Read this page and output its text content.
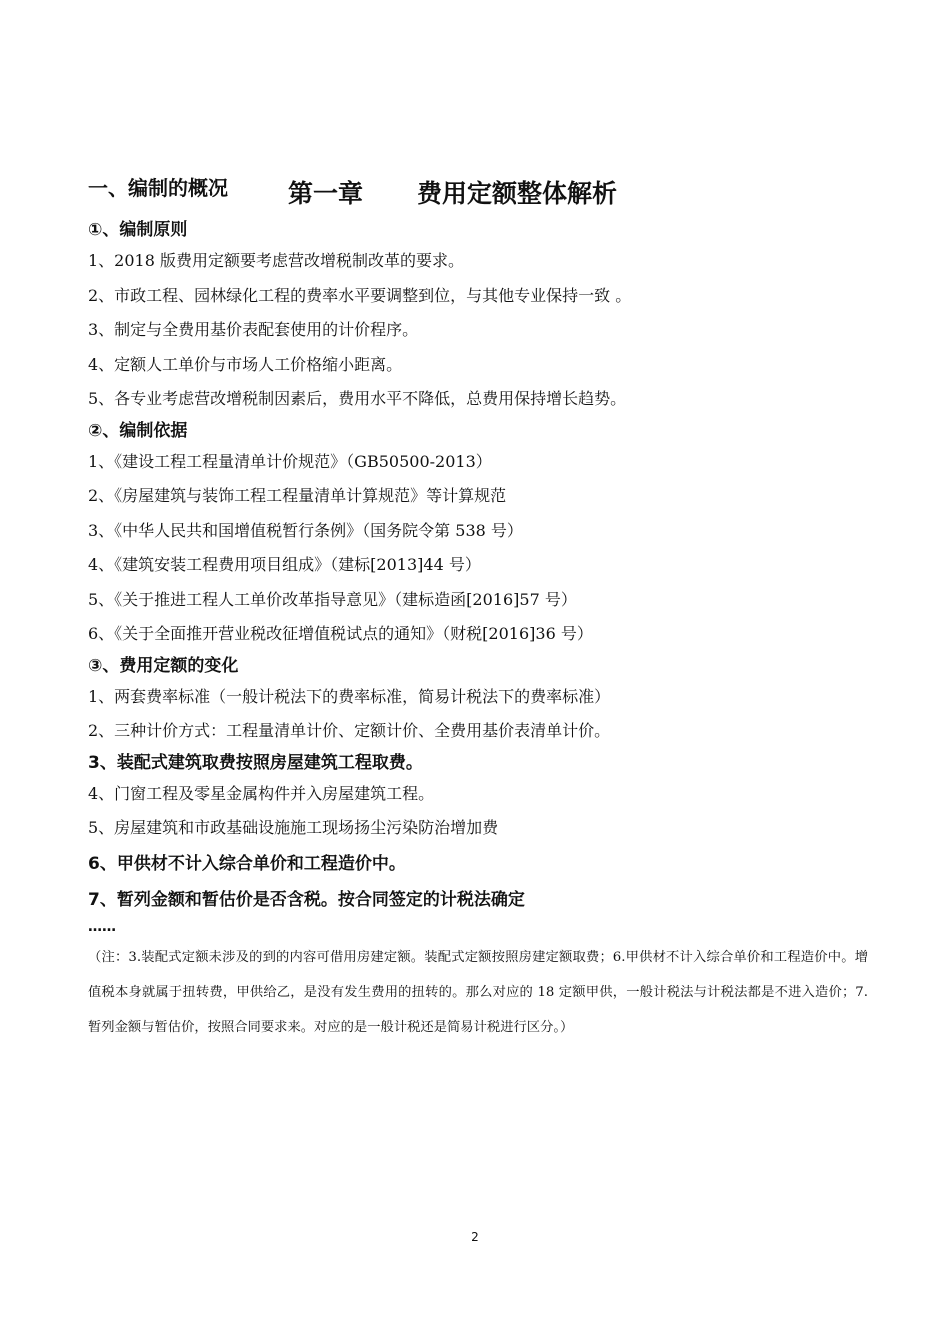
一、编制的概况 第一章 费用定额整体解析
①、编制原则
1、2018 版费用定额要考虑营改增税制改革的要求。
2、市政工程、园林绿化工程的费率水平要调整到位，与其他专业保持一致 。
3、制定与全费用基价表配套使用的计价程序。
4、定额人工单价与市场人工价格缩小距离。
5、各专业考虑营改增税制因素后，费用水平不降低，总费用保持增长趋势。
②、编制依据
1、《建设工程工程量清单计价规范》（GB50500-2013）
2、《房屋建筑与装饰工程工程量清单计算规范》等计算规范
3、《中华人民共和国增值税暂行条例》（国务院令第 538 号）
4、《建筑安装工程费用项目组成》（建标[2013]44 号）
5、《关于推进工程人工单价改革指导意见》（建标造函[2016]57 号）
6、《关于全面推开营业税改征增值税试点的通知》（财税[2016]36 号）
③、费用定额的变化
1、两套费率标准（一般计税法下的费率标准，简易计税法下的费率标准）
2、三种计价方式：工程量清单计价、定额计价、全费用基价表清单计价。
3、装配式建筑取费按照房屋建筑工程取费。
4、门窗工程及零星金属构件并入房屋建筑工程。
5、房屋建筑和市政基础设施施工现场扬尘污染防治增加费
6、甲供材不计入综合单价和工程造价中。
7、暂列金额和暂估价是否含税。按合同签定的计税法确定
……
（注：3.装配式定额未涉及的到的内容可借用房建定额。装配式定额按照房建定额取费；6.甲供材不计入综合单价和工程造价中。增值税本身就属于扭转费，甲供给乙，是没有发生费用的扭转的。那么对应的 18 定额甲供，一般计税法与计税法都是不进入造价；7.暂列金额与暂估价，按照合同要求来。对应的是一般计税还是简易计税进行区分。）
2
